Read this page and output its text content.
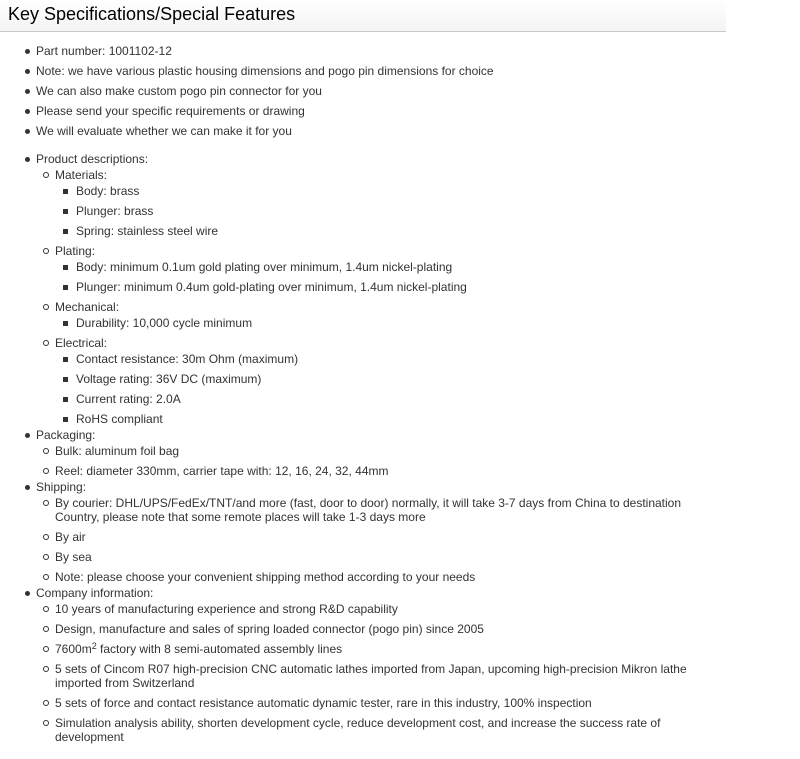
Key Specifications/Special Features
Part number: 1001102-12
Note: we have various plastic housing dimensions and pogo pin dimensions for choice
We can also make custom pogo pin connector for you
Please send your specific requirements or drawing
We will evaluate whether we can make it for you
Product descriptions:
Materials:
Body: brass
Plunger: brass
Spring: stainless steel wire
Plating:
Body: minimum 0.1um gold plating over minimum, 1.4um nickel-plating
Plunger: minimum 0.4um gold-plating over minimum, 1.4um nickel-plating
Mechanical:
Durability: 10,000 cycle minimum
Electrical:
Contact resistance: 30m Ohm (maximum)
Voltage rating: 36V DC (maximum)
Current rating: 2.0A
RoHS compliant
Packaging:
Bulk: aluminum foil bag
Reel: diameter 330mm, carrier tape with: 12, 16, 24, 32, 44mm
Shipping:
By courier: DHL/UPS/FedEx/TNT/and more (fast, door to door) normally, it will take 3-7 days from China to destination Country, please note that some remote places will take 1-3 days more
By air
By sea
Note: please choose your convenient shipping method according to your needs
Company information:
10 years of manufacturing experience and strong R&D capability
Design, manufacture and sales of spring loaded connector (pogo pin) since 2005
$7600m^2$ factory with 8 semi-automated assembly lines
5 sets of Cincom R07 high-precision CNC automatic lathes imported from Japan, upcoming high-precision Mikron lathe imported from Switzerland
5 sets of force and contact resistance automatic dynamic tester, rare in this industry, 100% inspection
Simulation analysis ability, shorten development cycle, reduce development cost, and increase the success rate of development
